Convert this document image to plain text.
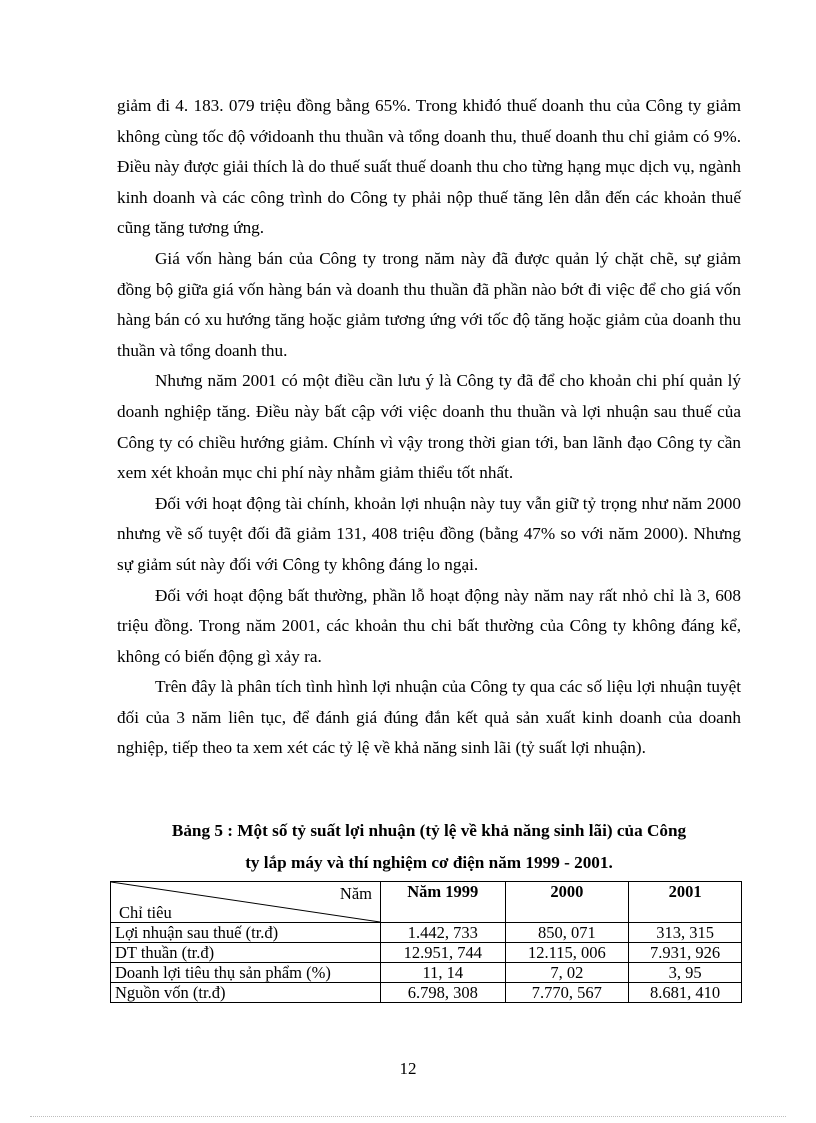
giảm đi 4. 183. 079 triệu đồng bằng 65%. Trong khiđó thuế doanh thu của Công ty giảm không cùng tốc độ vớidoanh thu thuần và tổng doanh thu, thuế doanh thu chỉ giảm có 9%. Điều này được giải thích là do thuế suất thuế doanh thu cho từng hạng mục dịch vụ, ngành kinh doanh và các công trình do Công ty phải nộp thuế tăng lên dẫn đến các khoản thuế cũng tăng tương ứng.

Giá vốn hàng bán của Công ty trong năm này đã được quản lý chặt chẽ, sự giảm đồng bộ giữa giá vốn hàng bán và doanh thu thuần đã phần nào bớt đi việc để cho giá vốn hàng bán có xu hướng tăng hoặc giảm tương ứng với tốc độ tăng hoặc giảm của doanh thu thuần và tổng doanh thu.

Nhưng năm 2001 có một điều cần lưu ý là Công ty đã để cho khoản chi phí quản lý doanh nghiệp tăng. Điều này bất cập với việc doanh thu thuần và lợi nhuận sau thuế của Công ty có chiều hướng giảm. Chính vì vậy trong thời gian tới, ban lãnh đạo Công ty cần xem xét khoản mục chi phí này nhằm giảm thiểu tốt nhất.

Đối với hoạt động tài chính, khoản lợi nhuận này tuy vẫn giữ tỷ trọng như năm 2000 nhưng về số tuyệt đối đã giảm 131, 408 triệu đồng (bằng 47% so với năm 2000). Nhưng sự giảm sút này đối với Công ty không đáng lo ngại.

Đối với hoạt động bất thường, phần lỗ hoạt động này năm nay rất nhỏ chỉ là 3, 608 triệu đồng. Trong năm 2001, các khoản thu chi bất thường của Công ty không đáng kể, không có biến động gì xảy ra.

Trên đây là phân tích tình hình lợi nhuận của Công ty qua các số liệu lợi nhuận tuyệt đối của 3 năm liên tục, để đánh giá đúng đắn kết quả sản xuất kinh doanh của doanh nghiệp, tiếp theo ta xem xét các tỷ lệ về khả năng sinh lãi (tỷ suất lợi nhuận).

Bảng 5 : Một số tỷ suất lợi nhuận (tỷ lệ về khả năng sinh lãi) của Công
ty lắp máy và thí nghiệm cơ điện năm 1999 - 2001.
Năm
Chỉ tiêu	Năm 1999	2000	2001
Lợi nhuận sau thuế (tr.đ)	1.442, 733	850, 071	313, 315
DT thuần (tr.đ)	12.951, 744	12.115, 006	7.931, 926
Doanh lợi tiêu thụ sản phẩm (%)	11, 14	7, 02	3, 95
Nguồn vốn (tr.đ)	6.798, 308	7.770, 567	8.681, 410
12
